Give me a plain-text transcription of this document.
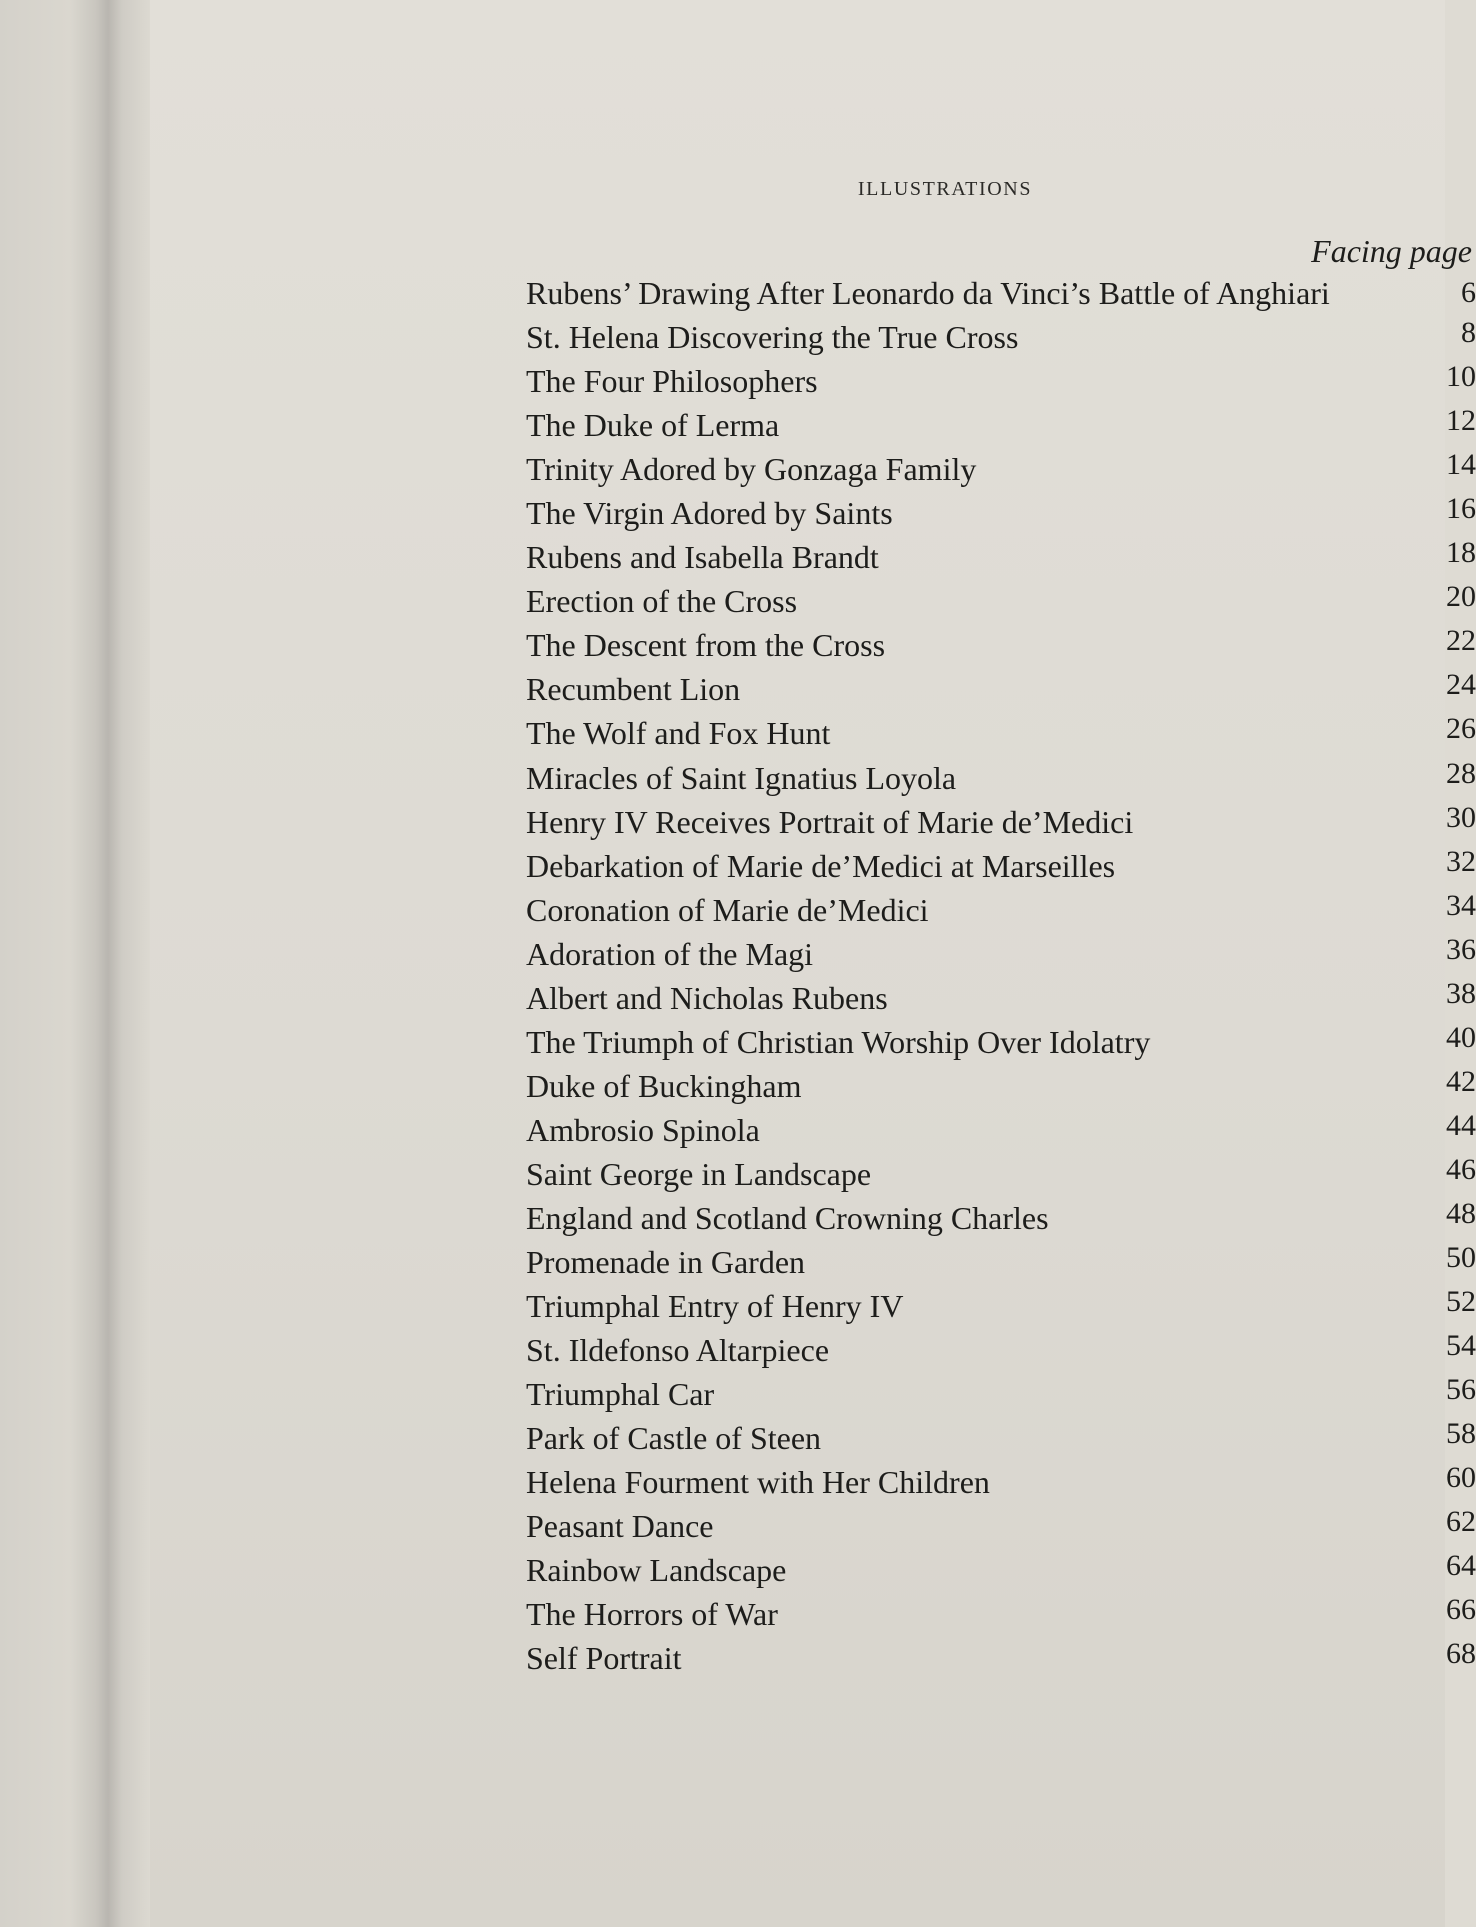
ILLUSTRATIONS
Facing page
Rubens’ Drawing After Leonardo da Vinci’s Battle of Anghiari	6
St. Helena Discovering the True Cross	8
The Four Philosophers	10
The Duke of Lerma	12
Trinity Adored by Gonzaga Family	14
The Virgin Adored by Saints	16
Rubens and Isabella Brandt	18
Erection of the Cross	20
The Descent from the Cross	22
Recumbent Lion	24
The Wolf and Fox Hunt	26
Miracles of Saint Ignatius Loyola	28
Henry IV Receives Portrait of Marie de’Medici	30
Debarkation of Marie de’Medici at Marseilles	32
Coronation of Marie de’Medici	34
Adoration of the Magi	36
Albert and Nicholas Rubens	38
The Triumph of Christian Worship Over Idolatry	40
Duke of Buckingham	42
Ambrosio Spinola	44
Saint George in Landscape	46
England and Scotland Crowning Charles	48
Promenade in Garden	50
Triumphal Entry of Henry IV	52
St. Ildefonso Altarpiece	54
Triumphal Car	56
Park of Castle of Steen	58
Helena Fourment with Her Children	60
Peasant Dance	62
Rainbow Landscape	64
The Horrors of War	66
Self Portrait	68
